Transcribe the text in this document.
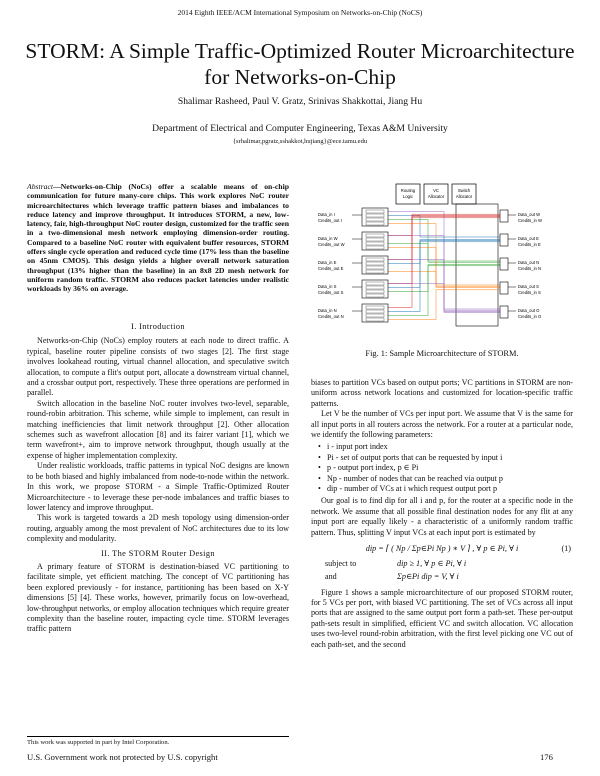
2014 Eighth IEEE/ACM International Symposium on Networks-on-Chip (NoCS)
STORM: A Simple Traffic-Optimized Router Microarchitecture for Networks-on-Chip
Shalimar Rasheed, Paul V. Gratz, Srinivas Shakkottai, Jiang Hu
Department of Electrical and Computer Engineering, Texas A&M University
{srhalimar,pgratz,sshakkot,hujiang}@ece.tamu.edu
Abstract—Networks-on-Chip (NoCs) offer a scalable means of on-chip communication for future many-core chips. This work explores NoC router microarchitectures which leverage traffic pattern biases and imbalances to reduce latency and improve throughput. It introduces STORM, a new, low-latency, fair, high-throughput NoC router design, customized for the traffic seen in a two-dimensional mesh network employing dimension-order routing. Compared to a baseline NoC router with equivalent buffer resources, STORM offers single cycle operation and reduced cycle time (17% less than the baseline on 45nm CMOS). This design yields a higher overall network saturation throughput (13% higher than the baseline) in an 8x8 2D mesh network for uniform random traffic. STORM also reduces packet latencies under realistic workloads by 36% on average.
I. Introduction

Networks-on-Chip (NoCs) employ routers at each node to direct traffic. A typical, baseline router pipeline consists of two stages [2]. The first stage involves lookahead routing, virtual channel allocation, and speculative switch allocation, to compute a flit's output port, allocate a downstream virtual channel, and a crossbar output port, respectively. These three operations are performed in parallel.

Switch allocation in the baseline NoC router involves two-level, separable, round-robin arbitration. This scheme, while simple to implement, can result in matching inefficiencies that limit network throughput [2]. Other allocation schemes such as wavefront allocation [8] and its fairer variant [1], which we term wavefront+, aim to improve network throughput, though usually at the expense of higher implementation complexity.

Under realistic workloads, traffic patterns in typical NoC designs are known to be both biased and highly imbalanced from node-to-node within the network. In this work, we propose STORM - a Simple Traffic-Optimized Router Microarchitecture - to leverage these per-node imbalances and traffic biases to lower latency and improve throughput.

This work is targeted towards a 2D mesh topology using dimension-order routing, arguably among the most prevalent of NoC architectures due to its low complexity and modularity.

II. The STORM Router Design

A primary feature of STORM is destination-biased VC partitioning to facilitate simple, yet efficient matching. The concept of VC partitioning has been explored previously - for instance, partitioning has been based on X-Y dimensions [5] [4]. These works, however, primarily focus on low-overhead, low-throughput networks, or employ allocation techniques which require greater complexity than the baseline router, impacting cycle time. STORM leverages traffic pattern

This work was supported in part by Intel Corporation.
U.S. Government work not protected by U.S. copyright	176
Routing
Logic
VC
Allocator
Switch
Allocator
Data_in I
Credits_out I
Data_in W
Credits_out W
Data_in E
Credits_out E
Data_in S
Credits_out S
Data_in N
Credits_out N
Data_out W
Credits_in W
Data_out E
Credits_in E
Data_out N
Credits_in N
Data_out S
Credits_in S
Data_out O
Credits_in O
Fig. 1: Sample Microarchitecture of STORM.

biases to partition VCs based on output ports; VC partitions in STORM are non-uniform across network locations and customized for location-specific traffic patterns.

Let V be the number of VCs per input port. We assume that V is the same for all input ports in all routers across the network. For a router at a particular node, we identify the following parameters:

• i - input port index
• Pi - set of output ports that can be requested by input i
• p - output port index, p ∈ Pi
• Np - number of nodes that can be reached via output p
• dip - number of VCs at i which request output port p

Our goal is to find dip for all i and p, for the router at a specific node in the network. We assume that all possible final destination nodes for any flit at any input port are equally likely - a characteristic of a uniformly random traffic pattern. Thus, splitting V input VCs at each input port is estimated by

dip = ⌈ ( Np / Σp∈Pi Np ) ∗ V ⌉ , ∀ p ∈ Pi, ∀ i	(1)
subject to	dip ≥ 1, ∀ p ∈ Pi, ∀ i
and	Σp∈Pi dip = V, ∀ i

Figure 1 shows a sample microarchitecture of our proposed STORM router, for 5 VCs per port, with biased VC partitioning. The set of VCs across all input ports that are assigned to the same output port form a path-set. These per-output path-sets result in simplified, efficient VC and switch allocation. VC allocation uses two-level round-robin arbitration, with the first level picking one VC out of each path-set, and the second
